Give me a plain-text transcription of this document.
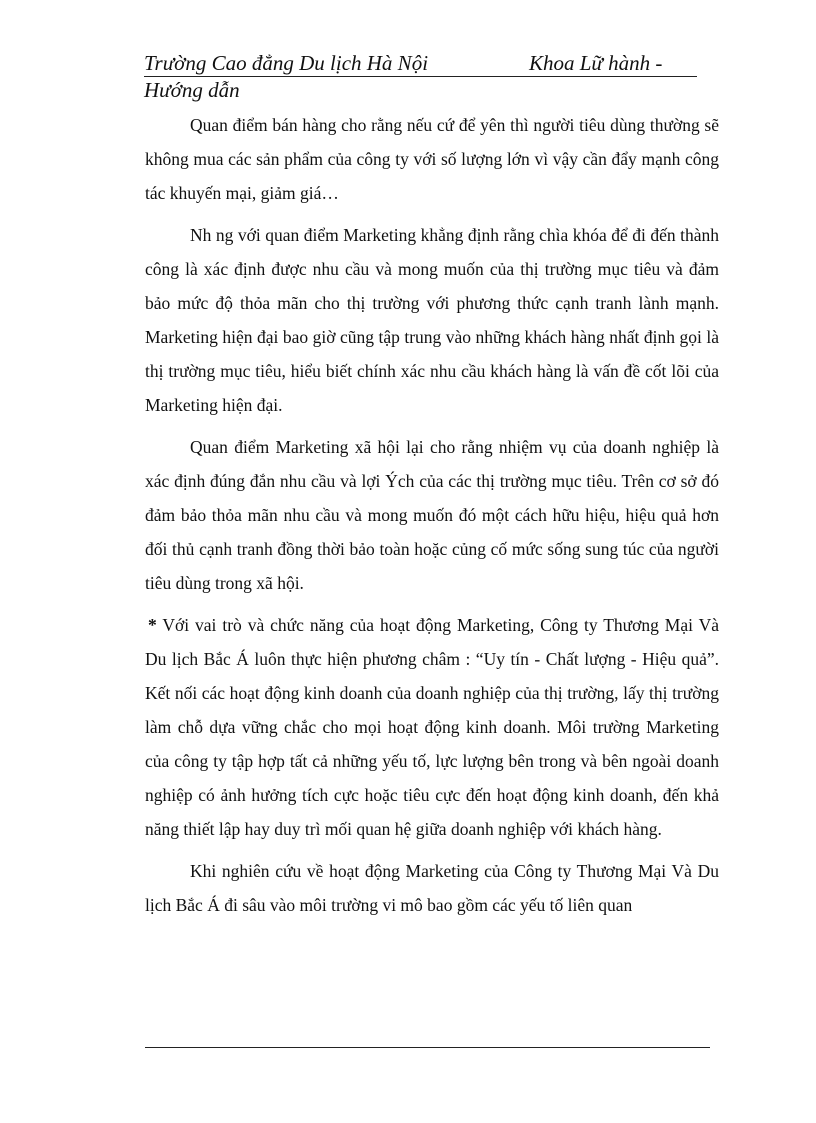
Trường Cao đẳng Du lịch Hà Nội	Khoa Lữ hành -
Hướng dẫn

Quan điểm bán hàng cho rằng nếu cứ để yên thì người tiêu dùng thường sẽ không mua các sản phẩm của công ty với số lượng lớn vì vậy cần đẩy mạnh công tác khuyến mại, giảm giá…

Nh ng với quan điểm Marketing khẳng định rằng chìa khóa để đi đến thành công là xác định được nhu cầu và mong muốn của thị trường mục tiêu và đảm bảo mức độ thỏa mãn cho thị trường với phương thức cạnh tranh lành mạnh. Marketing hiện đại bao giờ cũng tập trung vào những khách hàng nhất định gọi là thị trường mục tiêu, hiểu biết chính xác nhu cầu khách hàng là vấn đề cốt lõi của Marketing hiện đại.

Quan điểm Marketing xã hội lại cho rằng nhiệm vụ của doanh nghiệp là xác định đúng đắn nhu cầu và lợi Ých của các thị trường mục tiêu. Trên cơ sở đó đảm bảo thỏa mãn nhu cầu và mong muốn đó một cách hữu hiệu, hiệu quả hơn đối thủ cạnh tranh đồng thời bảo toàn hoặc củng cố mức sống sung túc của người tiêu dùng trong xã hội.

* Với vai trò và chức năng của hoạt động Marketing, Công ty Thương Mại Và Du lịch Bắc Á luôn thực hiện phương châm : “Uy tín - Chất lượng - Hiệu quả”. Kết nối các hoạt động kinh doanh của doanh nghiệp của thị trường, lấy thị trường làm chỗ dựa vững chắc cho mọi hoạt động kinh doanh. Môi trường Marketing của công ty tập hợp tất cả những yếu tố, lực lượng bên trong và bên ngoài doanh nghiệp có ảnh hưởng tích cực hoặc tiêu cực đến hoạt động kinh doanh, đến khả năng thiết lập hay duy trì mối quan hệ giữa doanh nghiệp với khách hàng.

Khi nghiên cứu về hoạt động Marketing của Công ty Thương Mại Và Du lịch Bắc Á đi sâu vào môi trường vi mô bao gồm các yếu tố liên quan
